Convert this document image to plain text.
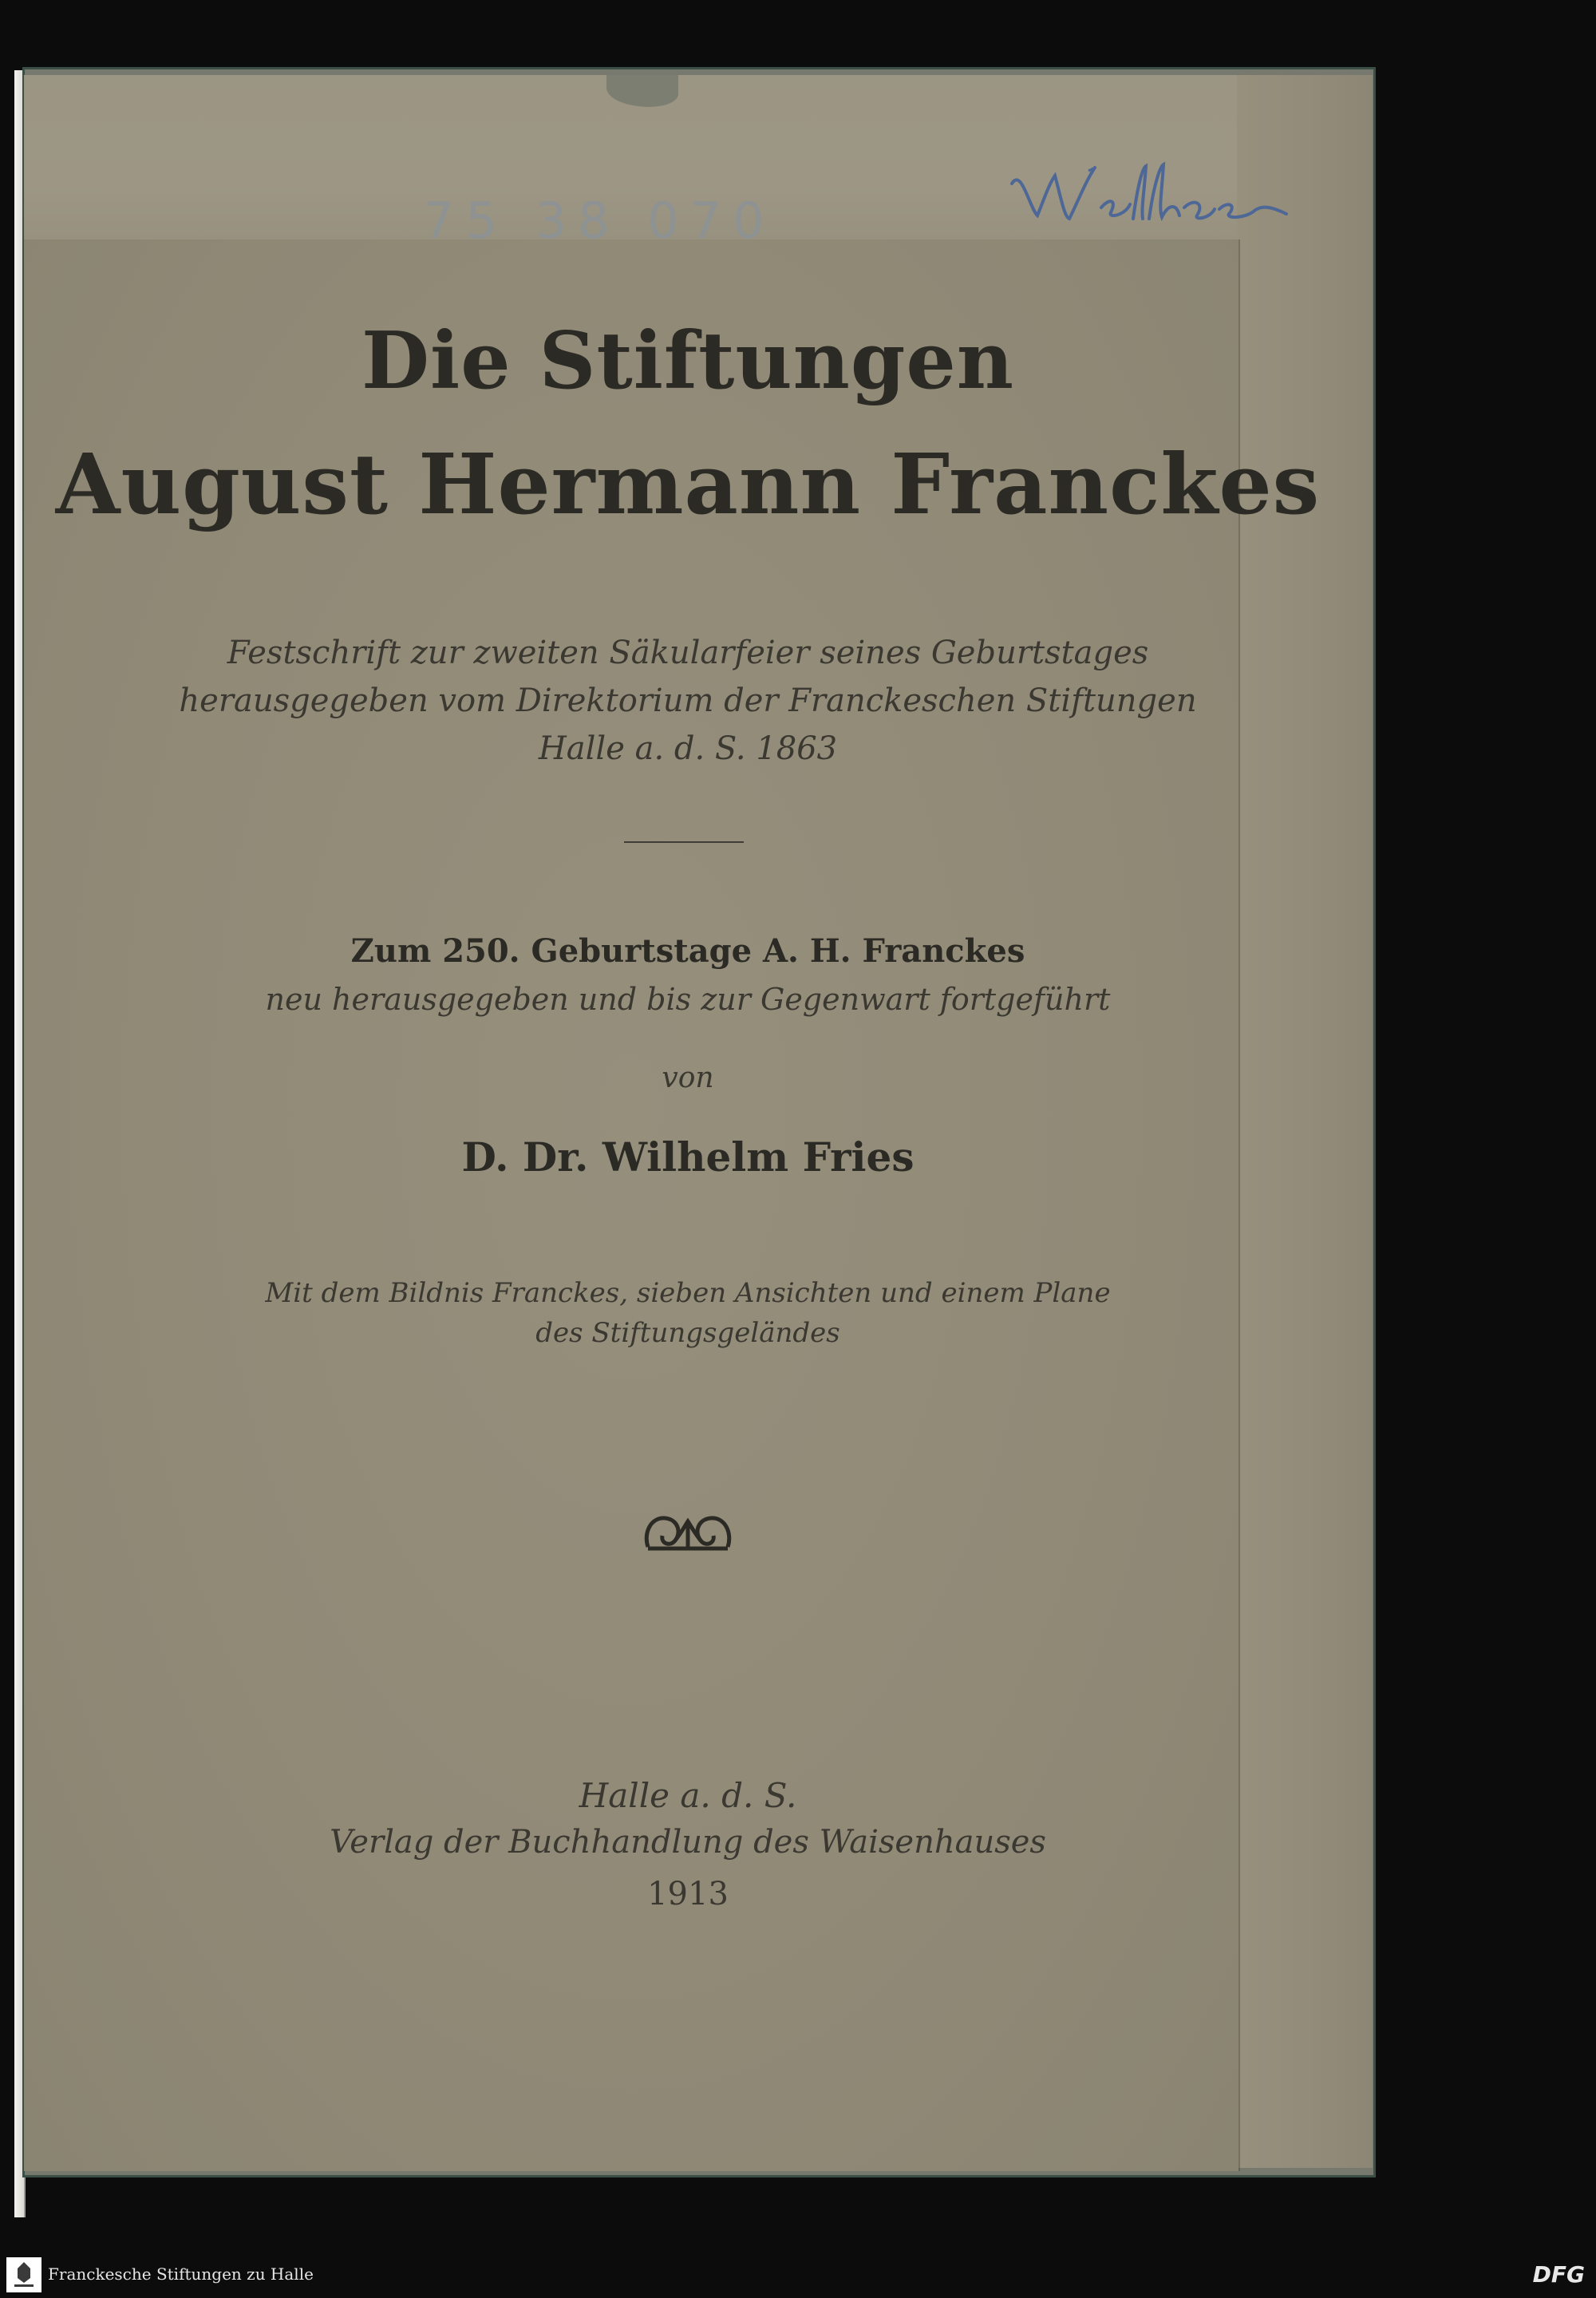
75 38 070
Die Stiftungen
August Hermann Franckes
Festschrift zur zweiten Säkularfeier seines Geburtstages
herausgegeben vom Direktorium der Franckeschen Stiftungen
Halle a. d. S. 1863
Zum 250. Geburtstage A. H. Franckes
neu herausgegeben und bis zur Gegenwart fortgeführt
von
D. Dr. Wilhelm Fries
Mit dem Bildnis Franckes, sieben Ansichten und einem Plane
des Stiftungsgeländes
Halle a. d. S.
Verlag der Buchhandlung des Waisenhauses
1913
Franckesche Stiftungen zu Halle	DFG
